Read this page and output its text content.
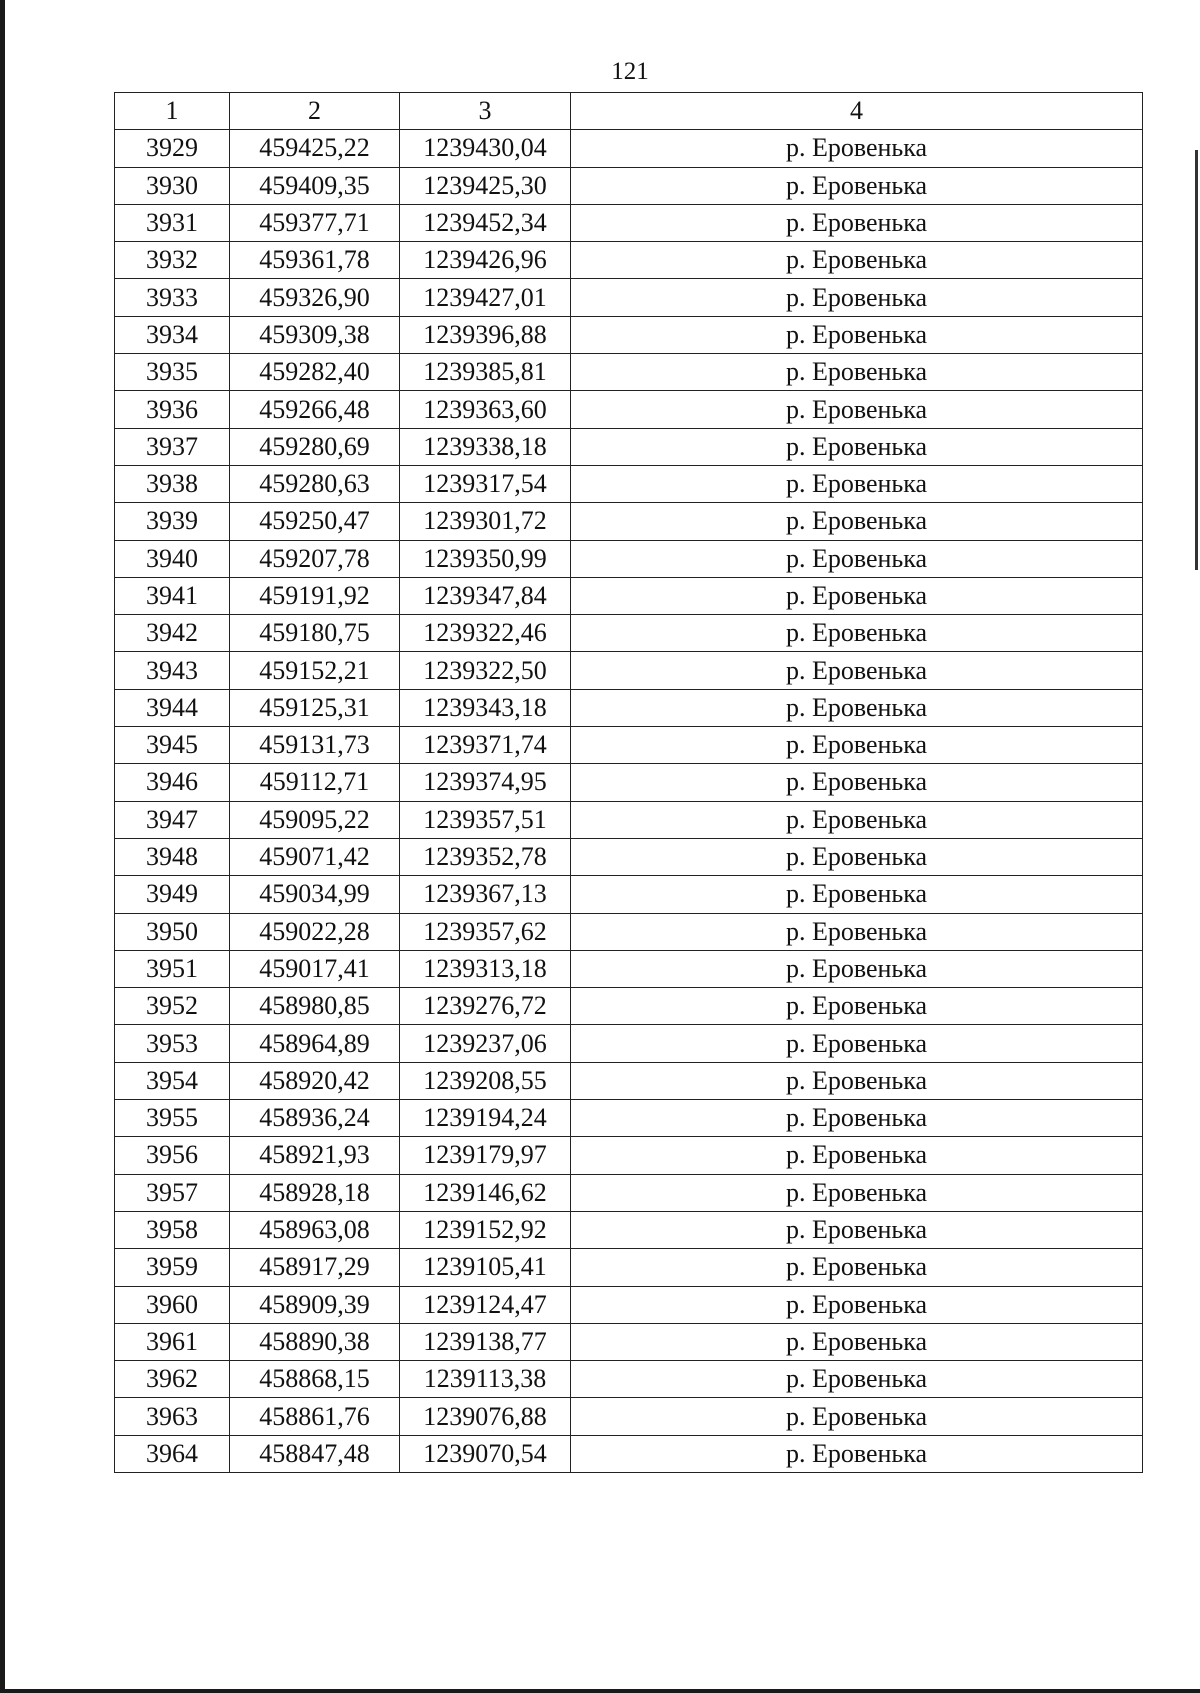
121
1	2	3	4
3929	459425,22	1239430,04	р. Еровенька
3930	459409,35	1239425,30	р. Еровенька
3931	459377,71	1239452,34	р. Еровенька
3932	459361,78	1239426,96	р. Еровенька
3933	459326,90	1239427,01	р. Еровенька
3934	459309,38	1239396,88	р. Еровенька
3935	459282,40	1239385,81	р. Еровенька
3936	459266,48	1239363,60	р. Еровенька
3937	459280,69	1239338,18	р. Еровенька
3938	459280,63	1239317,54	р. Еровенька
3939	459250,47	1239301,72	р. Еровенька
3940	459207,78	1239350,99	р. Еровенька
3941	459191,92	1239347,84	р. Еровенька
3942	459180,75	1239322,46	р. Еровенька
3943	459152,21	1239322,50	р. Еровенька
3944	459125,31	1239343,18	р. Еровенька
3945	459131,73	1239371,74	р. Еровенька
3946	459112,71	1239374,95	р. Еровенька
3947	459095,22	1239357,51	р. Еровенька
3948	459071,42	1239352,78	р. Еровенька
3949	459034,99	1239367,13	р. Еровенька
3950	459022,28	1239357,62	р. Еровенька
3951	459017,41	1239313,18	р. Еровенька
3952	458980,85	1239276,72	р. Еровенька
3953	458964,89	1239237,06	р. Еровенька
3954	458920,42	1239208,55	р. Еровенька
3955	458936,24	1239194,24	р. Еровенька
3956	458921,93	1239179,97	р. Еровенька
3957	458928,18	1239146,62	р. Еровенька
3958	458963,08	1239152,92	р. Еровенька
3959	458917,29	1239105,41	р. Еровенька
3960	458909,39	1239124,47	р. Еровенька
3961	458890,38	1239138,77	р. Еровенька
3962	458868,15	1239113,38	р. Еровенька
3963	458861,76	1239076,88	р. Еровенька
3964	458847,48	1239070,54	р. Еровенька
